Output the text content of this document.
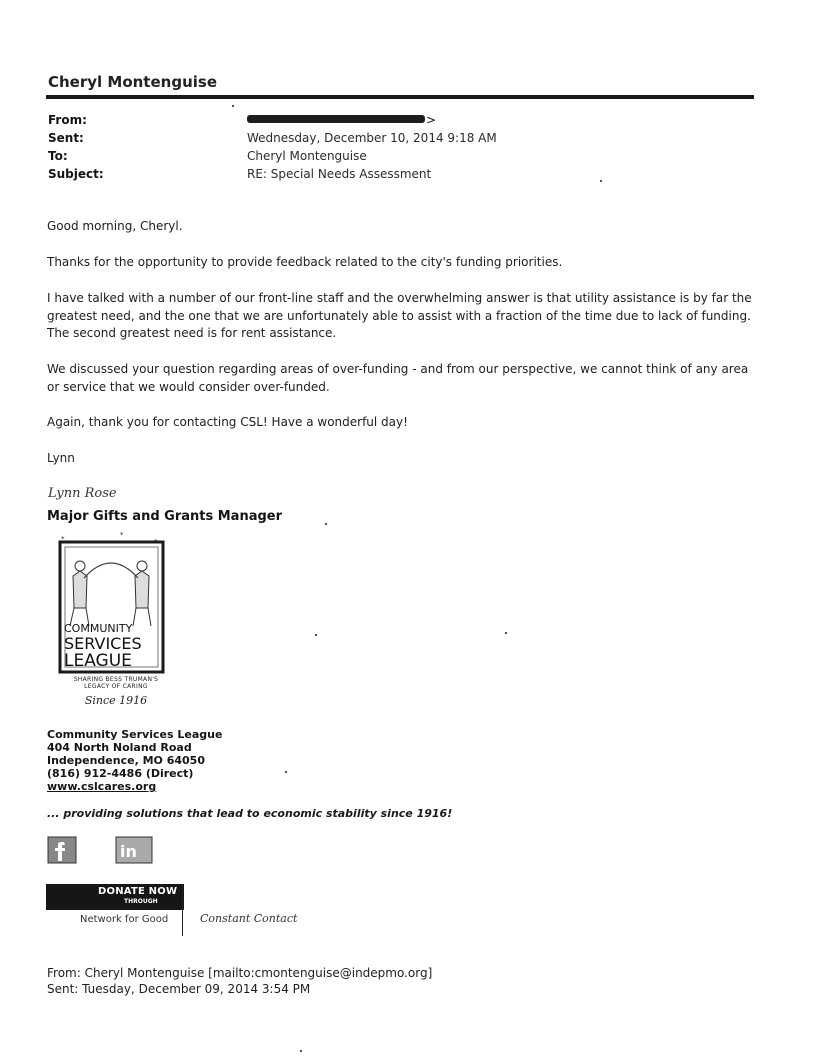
Cheryl Montenguise
From:	>
Sent:	Wednesday, December 10, 2014 9:18 AM
To:	Cheryl Montenguise
Subject:	RE: Special Needs Assessment
Good morning, Cheryl.
Thanks for the opportunity to provide feedback related to the city's funding priorities.
I have talked with a number of our front-line staff and the overwhelming answer is that utility assistance is by far the greatest need, and the one that we are unfortunately able to assist with a fraction of the time due to lack of funding. The second greatest need is for rent assistance.
We discussed your question regarding areas of over-funding - and from our perspective, we cannot think of any area or service that we would consider over-funded.
Again, thank you for contacting CSL! Have a wonderful day!
Lynn
Lynn Rose
Major Gifts and Grants Manager
*	*
*
COMMUNITY
SERVICES
LEAGUE
SHARING BESS TRUMAN'S
LEGACY OF CARING
Since 1916
Community Services League
404 North Noland Road
Independence, MO 64050
(816) 912-4486 (Direct)
www.cslcares.org
... providing solutions that lead to economic stability since 1916!
in
DONATE NOW
THROUGH
Network for Good	Constant Contact
From: Cheryl Montenguise [mailto:cmontenguise@indepmo.org]
Sent: Tuesday, December 09, 2014 3:54 PM
